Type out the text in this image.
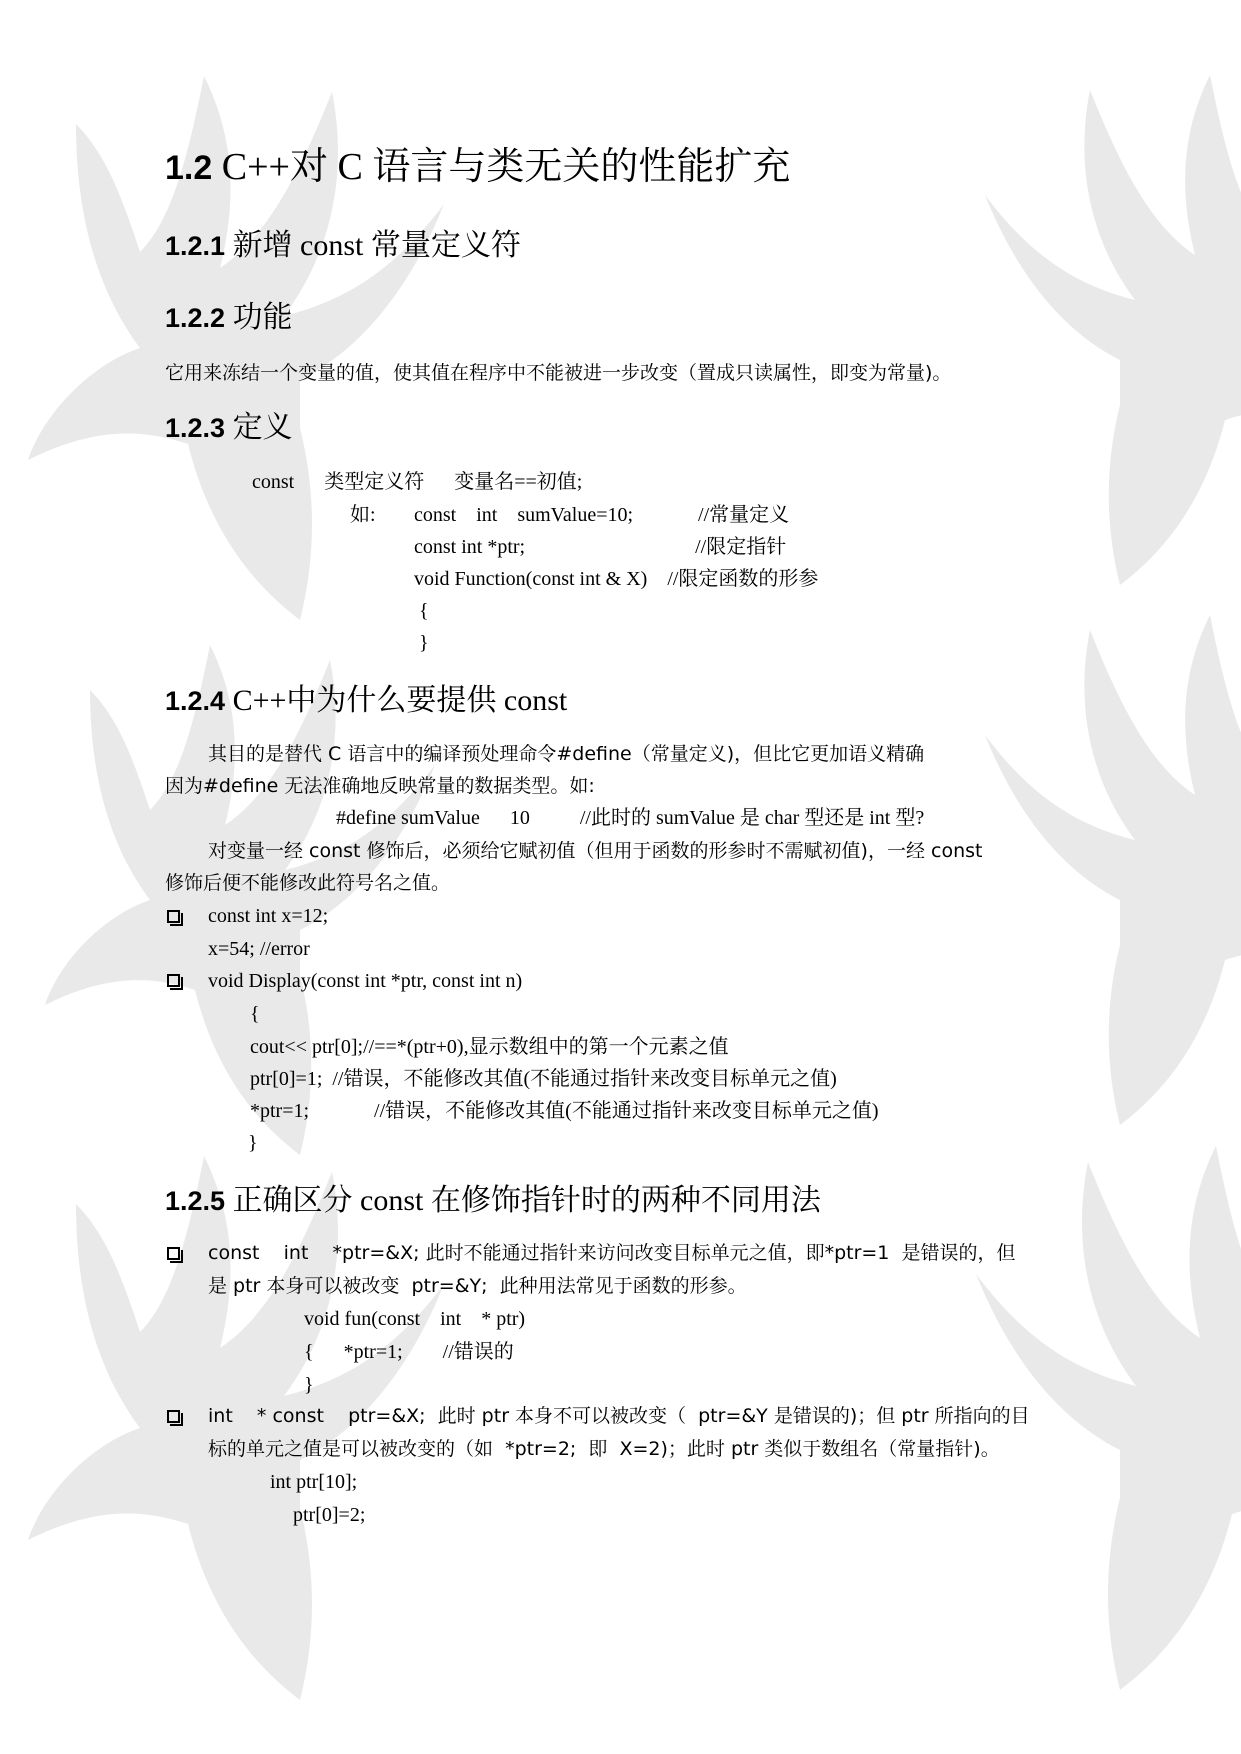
1.2 C++对 C 语言与类无关的性能扩充
1.2.1 新增 const 常量定义符
1.2.2 功能
它用来冻结一个变量的值，使其值在程序中不能被进一步改变（置成只读属性，即变为常量)。
1.2.3 定义
const      类型定义符      变量名==初值;
如: const    int    sumValue=10;             //常量定义
const int *ptr;                                  //限定指针
void Function(const int & X)    //限定函数的形参
{
}
1.2.4 C++中为什么要提供 const
其目的是替代 C 语言中的编译预处理命令#define（常量定义)，但比它更加语义精确
因为#define 无法准确地反映常量的数据类型。如:
#define sumValue      10          //此时的 sumValue 是 char 型还是 int 型?
对变量一经 const 修饰后，必须给它赋初值（但用于函数的形参时不需赋初值)，一经 const
修饰后便不能修改此符号名之值。
const int x=12;
x=54; //error
void Display(const int *ptr, const int n)
{
cout<< ptr[0];//==*(ptr+0),显示数组中的第一个元素之值
ptr[0]=1;  //错误，不能修改其值(不能通过指针来改变目标单元之值)
*ptr=1;             //错误，不能修改其值(不能通过指针来改变目标单元之值)
}
1.2.5 正确区分 const 在修饰指针时的两种不同用法
const    int    *ptr=&X; 此时不能通过指针来访问改变目标单元之值，即*ptr=1  是错误的，但
是 ptr 本身可以被改变  ptr=&Y;  此种用法常见于函数的形参。
void fun(const    int    * ptr)
{      *ptr=1;        //错误的
}
int    * const    ptr=&X;  此时 ptr 本身不可以被改变（  ptr=&Y 是错误的)；但 ptr 所指向的目
标的单元之值是可以被改变的（如  *ptr=2;  即  X=2)；此时 ptr 类似于数组名（常量指针)。
int ptr[10];
ptr[0]=2;
